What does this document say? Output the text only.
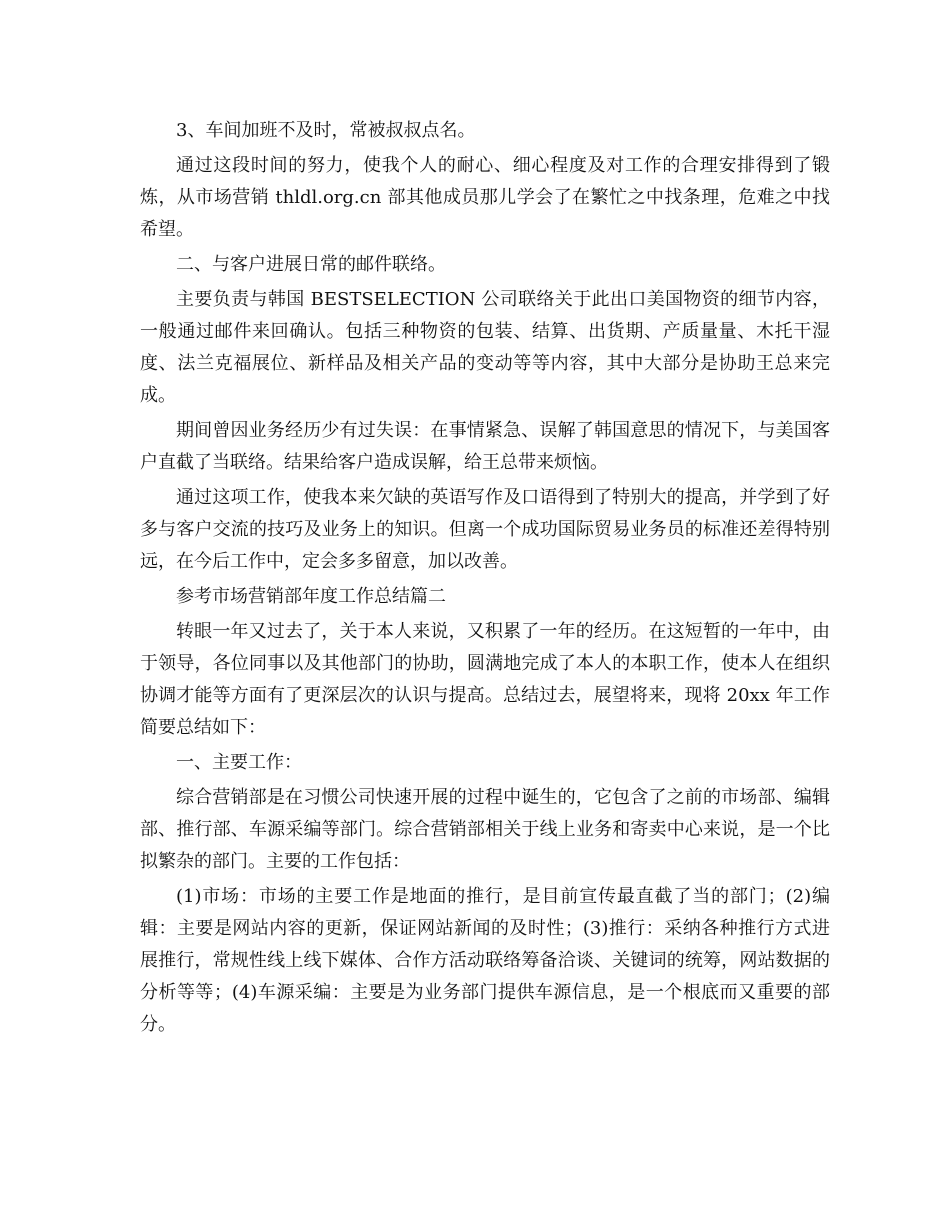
3、车间加班不及时，常被叔叔点名。

通过这段时间的努力，使我个人的耐心、细心程度及对工作的合理安排得到了锻炼，从市场营销 thldl.org.cn 部其他成员那儿学会了在繁忙之中找条理，危难之中找希望。

二、与客户进展日常的邮件联络。

主要负责与韩国 BESTSELECTION 公司联络关于此出口美国物资的细节内容，一般通过邮件来回确认。包括三种物资的包装、结算、出货期、产质量量、木托干湿度、法兰克福展位、新样品及相关产品的变动等等内容，其中大部分是协助王总来完成。

期间曾因业务经历少有过失误：在事情紧急、误解了韩国意思的情况下，与美国客户直截了当联络。结果给客户造成误解，给王总带来烦恼。

通过这项工作，使我本来欠缺的英语写作及口语得到了特别大的提高，并学到了好多与客户交流的技巧及业务上的知识。但离一个成功国际贸易业务员的标准还差得特别远，在今后工作中，定会多多留意，加以改善。

参考市场营销部年度工作总结篇二

转眼一年又过去了，关于本人来说，又积累了一年的经历。在这短暂的一年中，由于领导，各位同事以及其他部门的协助，圆满地完成了本人的本职工作，使本人在组织协调才能等方面有了更深层次的认识与提高。总结过去，展望将来，现将 20xx 年工作简要总结如下：

一、主要工作：

综合营销部是在习惯公司快速开展的过程中诞生的，它包含了之前的市场部、编辑部、推行部、车源采编等部门。综合营销部相关于线上业务和寄卖中心来说，是一个比拟繁杂的部门。主要的工作包括：

(1)市场：市场的主要工作是地面的推行，是目前宣传最直截了当的部门；(2)编辑：主要是网站内容的更新，保证网站新闻的及时性；(3)推行：采纳各种推行方式进展推行，常规性线上线下媒体、合作方活动联络筹备洽谈、关键词的统筹，网站数据的分析等等；(4)车源采编：主要是为业务部门提供车源信息，是一个根底而又重要的部分。
